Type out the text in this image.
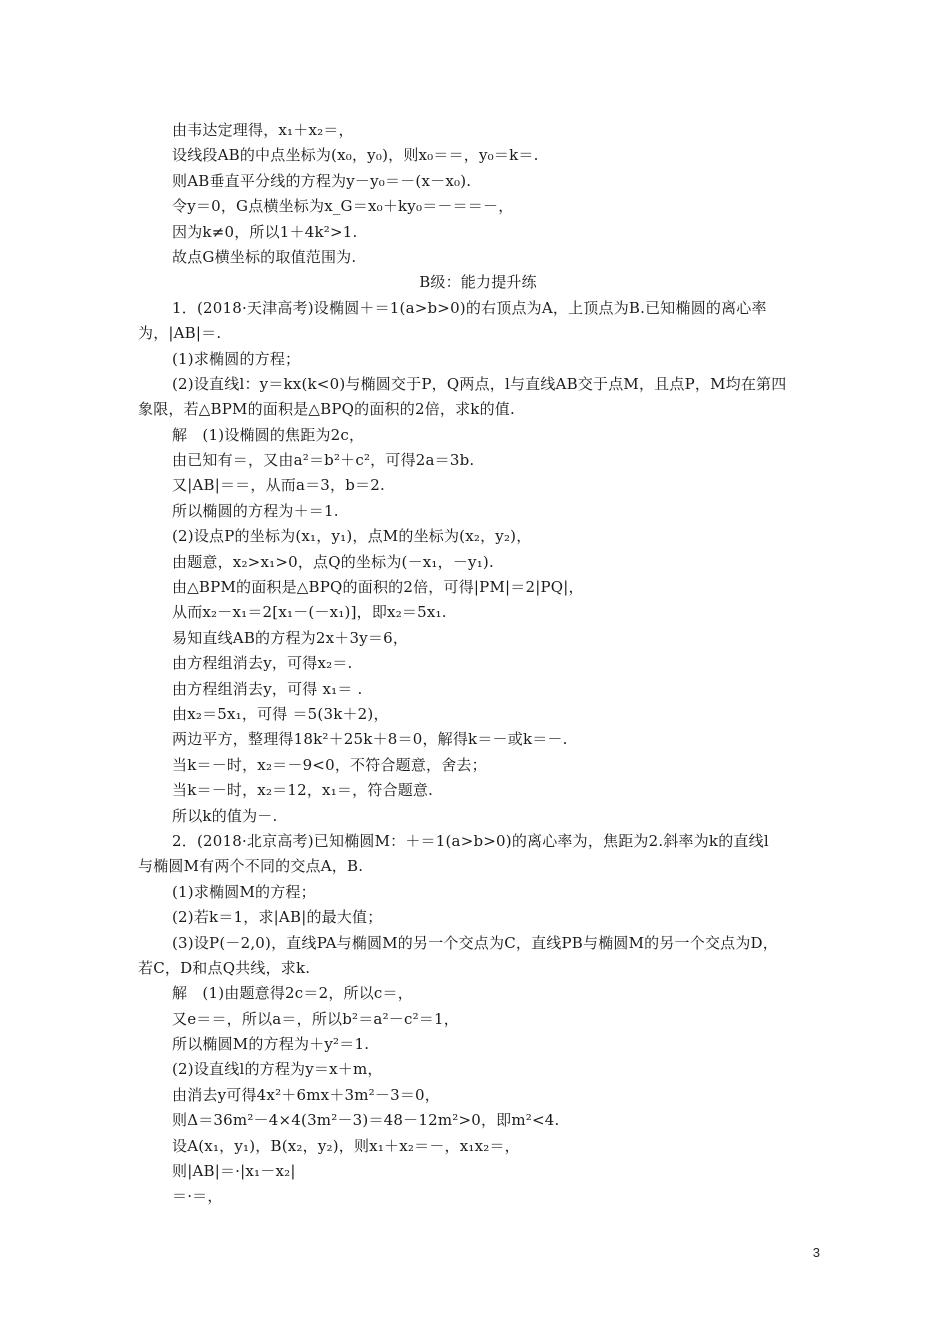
由韦达定理得，x₁＋x₂＝，
设线段AB的中点坐标为(x₀，y₀)，则x₀＝＝，y₀＝k＝.
则AB垂直平分线的方程为y－y₀＝－(x－x₀).
令y＝0，G点横坐标为x_G＝x₀＋ky₀＝－＝＝－，
因为k≠0，所以1＋4k²>1.
故点G横坐标的取值范围为.
B级：能力提升练
1．(2018·天津高考)设椭圆＋＝1(a>b>0)的右顶点为A，上顶点为B.已知椭圆的离心率
为，|AB|＝.
(1)求椭圆的方程；
(2)设直线l：y＝kx(k<0)与椭圆交于P，Q两点，l与直线AB交于点M，且点P，M均在第四
象限，若△BPM的面积是△BPQ的面积的2倍，求k的值.
解　(1)设椭圆的焦距为2c，
由已知有＝，又由a²＝b²＋c²，可得2a＝3b.
又|AB|＝＝，从而a＝3，b＝2.
所以椭圆的方程为＋＝1.
(2)设点P的坐标为(x₁，y₁)，点M的坐标为(x₂，y₂)，
由题意，x₂>x₁>0，点Q的坐标为(－x₁，－y₁).
由△BPM的面积是△BPQ的面积的2倍，可得|PM|＝2|PQ|，
从而x₂－x₁＝2[x₁－(－x₁)]，即x₂＝5x₁.
易知直线AB的方程为2x＋3y＝6，
由方程组消去y，可得x₂＝.
由方程组消去y，可得 x₁＝ .
由x₂＝5x₁，可得 ＝5(3k＋2)，
两边平方，整理得18k²＋25k＋8＝0，解得k＝－或k＝－.
当k＝－时，x₂＝－9<0，不符合题意，舍去；
当k＝－时，x₂＝12，x₁＝，符合题意.
所以k的值为－.
2．(2018·北京高考)已知椭圆M：＋＝1(a>b>0)的离心率为，焦距为2.斜率为k的直线l
与椭圆M有两个不同的交点A，B.
(1)求椭圆M的方程；
(2)若k＝1，求|AB|的最大值；
(3)设P(－2,0)，直线PA与椭圆M的另一个交点为C，直线PB与椭圆M的另一个交点为D，
若C，D和点Q共线，求k.
解　(1)由题意得2c＝2，所以c＝，
又e＝＝，所以a＝，所以b²＝a²－c²＝1，
所以椭圆M的方程为＋y²＝1.
(2)设直线l的方程为y＝x＋m，
由消去y可得4x²＋6mx＋3m²－3＝0，
则Δ＝36m²－4×4(3m²－3)＝48－12m²>0，即m²<4.
设A(x₁，y₁)，B(x₂，y₂)，则x₁＋x₂＝－，x₁x₂＝，
则|AB|＝·|x₁－x₂|
＝·＝，
3
